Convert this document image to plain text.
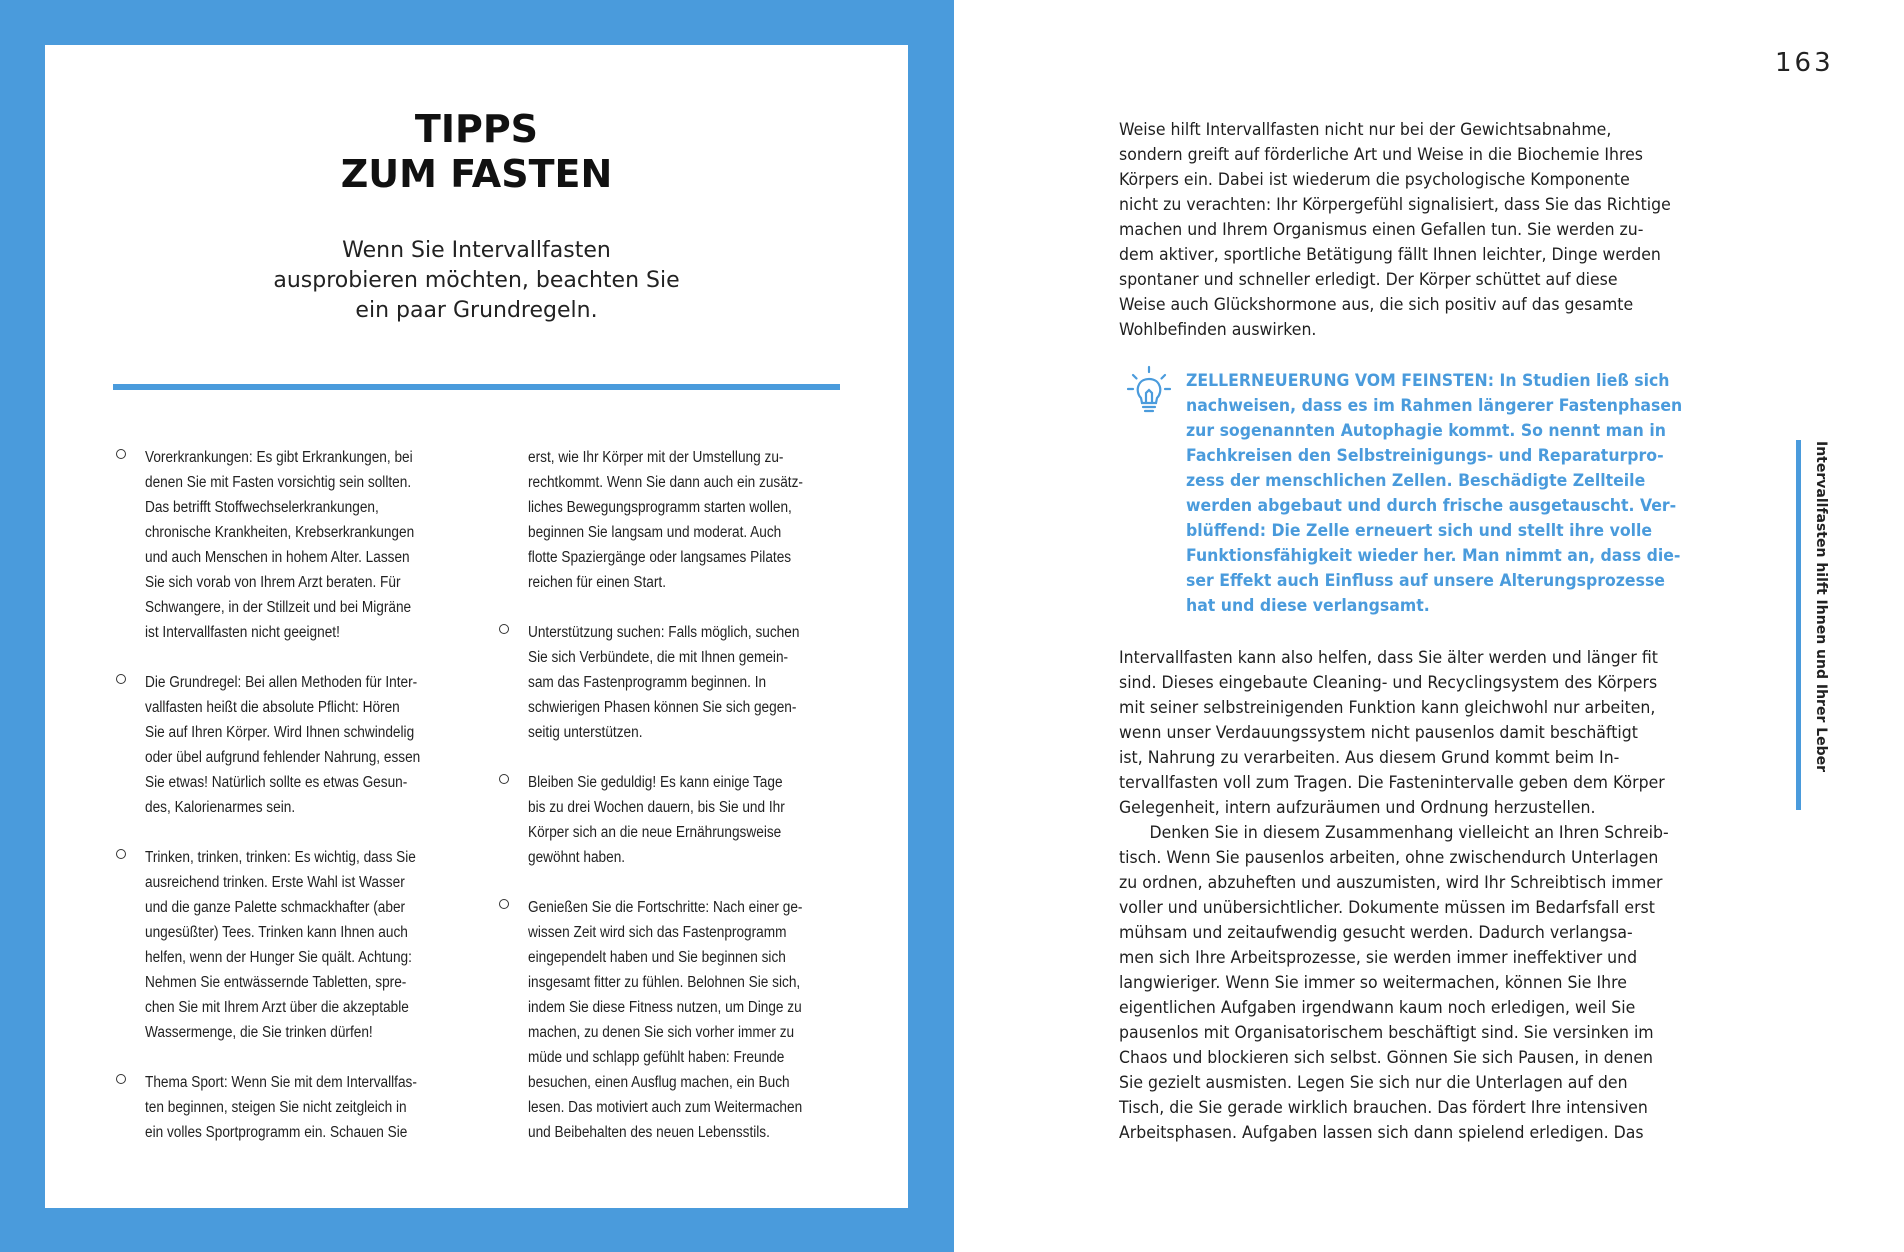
TIPPS
ZUM FASTEN

Wenn Sie Intervallfasten
ausprobieren möchten, beachten Sie
ein paar Grundregeln.

Vorerkrankungen: Es gibt Erkrankungen, bei
denen Sie mit Fasten vorsichtig sein sollten.
Das betrifft Stoffwechselerkrankungen,
chronische Krankheiten, Krebserkrankungen
und auch Menschen in hohem Alter. Lassen
Sie sich vorab von Ihrem Arzt beraten. Für
Schwangere, in der Stillzeit und bei Migräne
ist Intervallfasten nicht geeignet!
Die Grundregel: Bei allen Methoden für Inter-
vallfasten heißt die absolute Pflicht: Hören
Sie auf Ihren Körper. Wird Ihnen schwindelig
oder übel aufgrund fehlender Nahrung, essen
Sie etwas! Natürlich sollte es etwas Gesun-
des, Kalorienarmes sein.
Trinken, trinken, trinken: Es wichtig, dass Sie
ausreichend trinken. Erste Wahl ist Wasser
und die ganze Palette schmackhafter (aber
ungesüßter) Tees. Trinken kann Ihnen auch
helfen, wenn der Hunger Sie quält. Achtung:
Nehmen Sie entwässernde Tabletten, spre-
chen Sie mit Ihrem Arzt über die akzeptable
Wassermenge, die Sie trinken dürfen!
Thema Sport: Wenn Sie mit dem Intervallfas-
ten beginnen, steigen Sie nicht zeitgleich in
ein volles Sportprogramm ein. Schauen Sie
erst, wie Ihr Körper mit der Umstellung zu-
rechtkommt. Wenn Sie dann auch ein zusätz-
liches Bewegungsprogramm starten wollen,
beginnen Sie langsam und moderat. Auch
flotte Spaziergänge oder langsames Pilates
reichen für einen Start.
Unterstützung suchen: Falls möglich, suchen
Sie sich Verbündete, die mit Ihnen gemein-
sam das Fastenprogramm beginnen. In
schwierigen Phasen können Sie sich gegen-
seitig unterstützen.
Bleiben Sie geduldig! Es kann einige Tage
bis zu drei Wochen dauern, bis Sie und Ihr
Körper sich an die neue Ernährungsweise
gewöhnt haben.
Genießen Sie die Fortschritte: Nach einer ge-
wissen Zeit wird sich das Fastenprogramm
eingependelt haben und Sie beginnen sich
insgesamt fitter zu fühlen. Belohnen Sie sich,
indem Sie diese Fitness nutzen, um Dinge zu
machen, zu denen Sie sich vorher immer zu
müde und schlapp gefühlt haben: Freunde
besuchen, einen Ausflug machen, ein Buch
lesen. Das motiviert auch zum Weitermachen
und Beibehalten des neuen Lebensstils.
163
Intervallfasten hilft Ihnen und Ihrer Leber
Weise hilft Intervallfasten nicht nur bei der Gewichtsabnahme,
sondern greift auf förderliche Art und Weise in die Biochemie Ihres
Körpers ein. Dabei ist wiederum die psychologische Komponente
nicht zu verachten: Ihr Körpergefühl signalisiert, dass Sie das Richtige
machen und Ihrem Organismus einen Gefallen tun. Sie werden zu-
dem aktiver, sportliche Betätigung fällt Ihnen leichter, Dinge werden
spontaner und schneller erledigt. Der Körper schüttet auf diese
Weise auch Glückshormone aus, die sich positiv auf das gesamte
Wohlbefinden auswirken.
ZELLERNEUERUNG VOM FEINSTEN: In Studien ließ sich
nachweisen, dass es im Rahmen längerer Fastenphasen
zur sogenannten Autophagie kommt. So nennt man in
Fachkreisen den Selbstreinigungs- und Reparaturpro-
zess der menschlichen Zellen. Beschädigte Zellteile
werden abgebaut und durch frische ausgetauscht. Ver-
blüffend: Die Zelle erneuert sich und stellt ihre volle
Funktionsfähigkeit wieder her. Man nimmt an, dass die-
ser Effekt auch Einfluss auf unsere Alterungsprozesse
hat und diese verlangsamt.
Intervallfasten kann also helfen, dass Sie älter werden und länger fit
sind. Dieses eingebaute Cleaning- und Recyclingsystem des Körpers
mit seiner selbstreinigenden Funktion kann gleichwohl nur arbeiten,
wenn unser Verdauungssystem nicht pausenlos damit beschäftigt
ist, Nahrung zu verarbeiten. Aus diesem Grund kommt beim In-
tervallfasten voll zum Tragen. Die Fastenintervalle geben dem Körper
Gelegenheit, intern aufzuräumen und Ordnung herzustellen.
Denken Sie in diesem Zusammenhang vielleicht an Ihren Schreib-
tisch. Wenn Sie pausenlos arbeiten, ohne zwischendurch Unterlagen
zu ordnen, abzuheften und auszumisten, wird Ihr Schreibtisch immer
voller und unübersichtlicher. Dokumente müssen im Bedarfsfall erst
mühsam und zeitaufwendig gesucht werden. Dadurch verlangsa-
men sich Ihre Arbeitsprozesse, sie werden immer ineffektiver und
langwieriger. Wenn Sie immer so weitermachen, können Sie Ihre
eigentlichen Aufgaben irgendwann kaum noch erledigen, weil Sie
pausenlos mit Organisatorischem beschäftigt sind. Sie versinken im
Chaos und blockieren sich selbst. Gönnen Sie sich Pausen, in denen
Sie gezielt ausmisten. Legen Sie sich nur die Unterlagen auf den
Tisch, die Sie gerade wirklich brauchen. Das fördert Ihre intensiven
Arbeitsphasen. Aufgaben lassen sich dann spielend erledigen. Das
